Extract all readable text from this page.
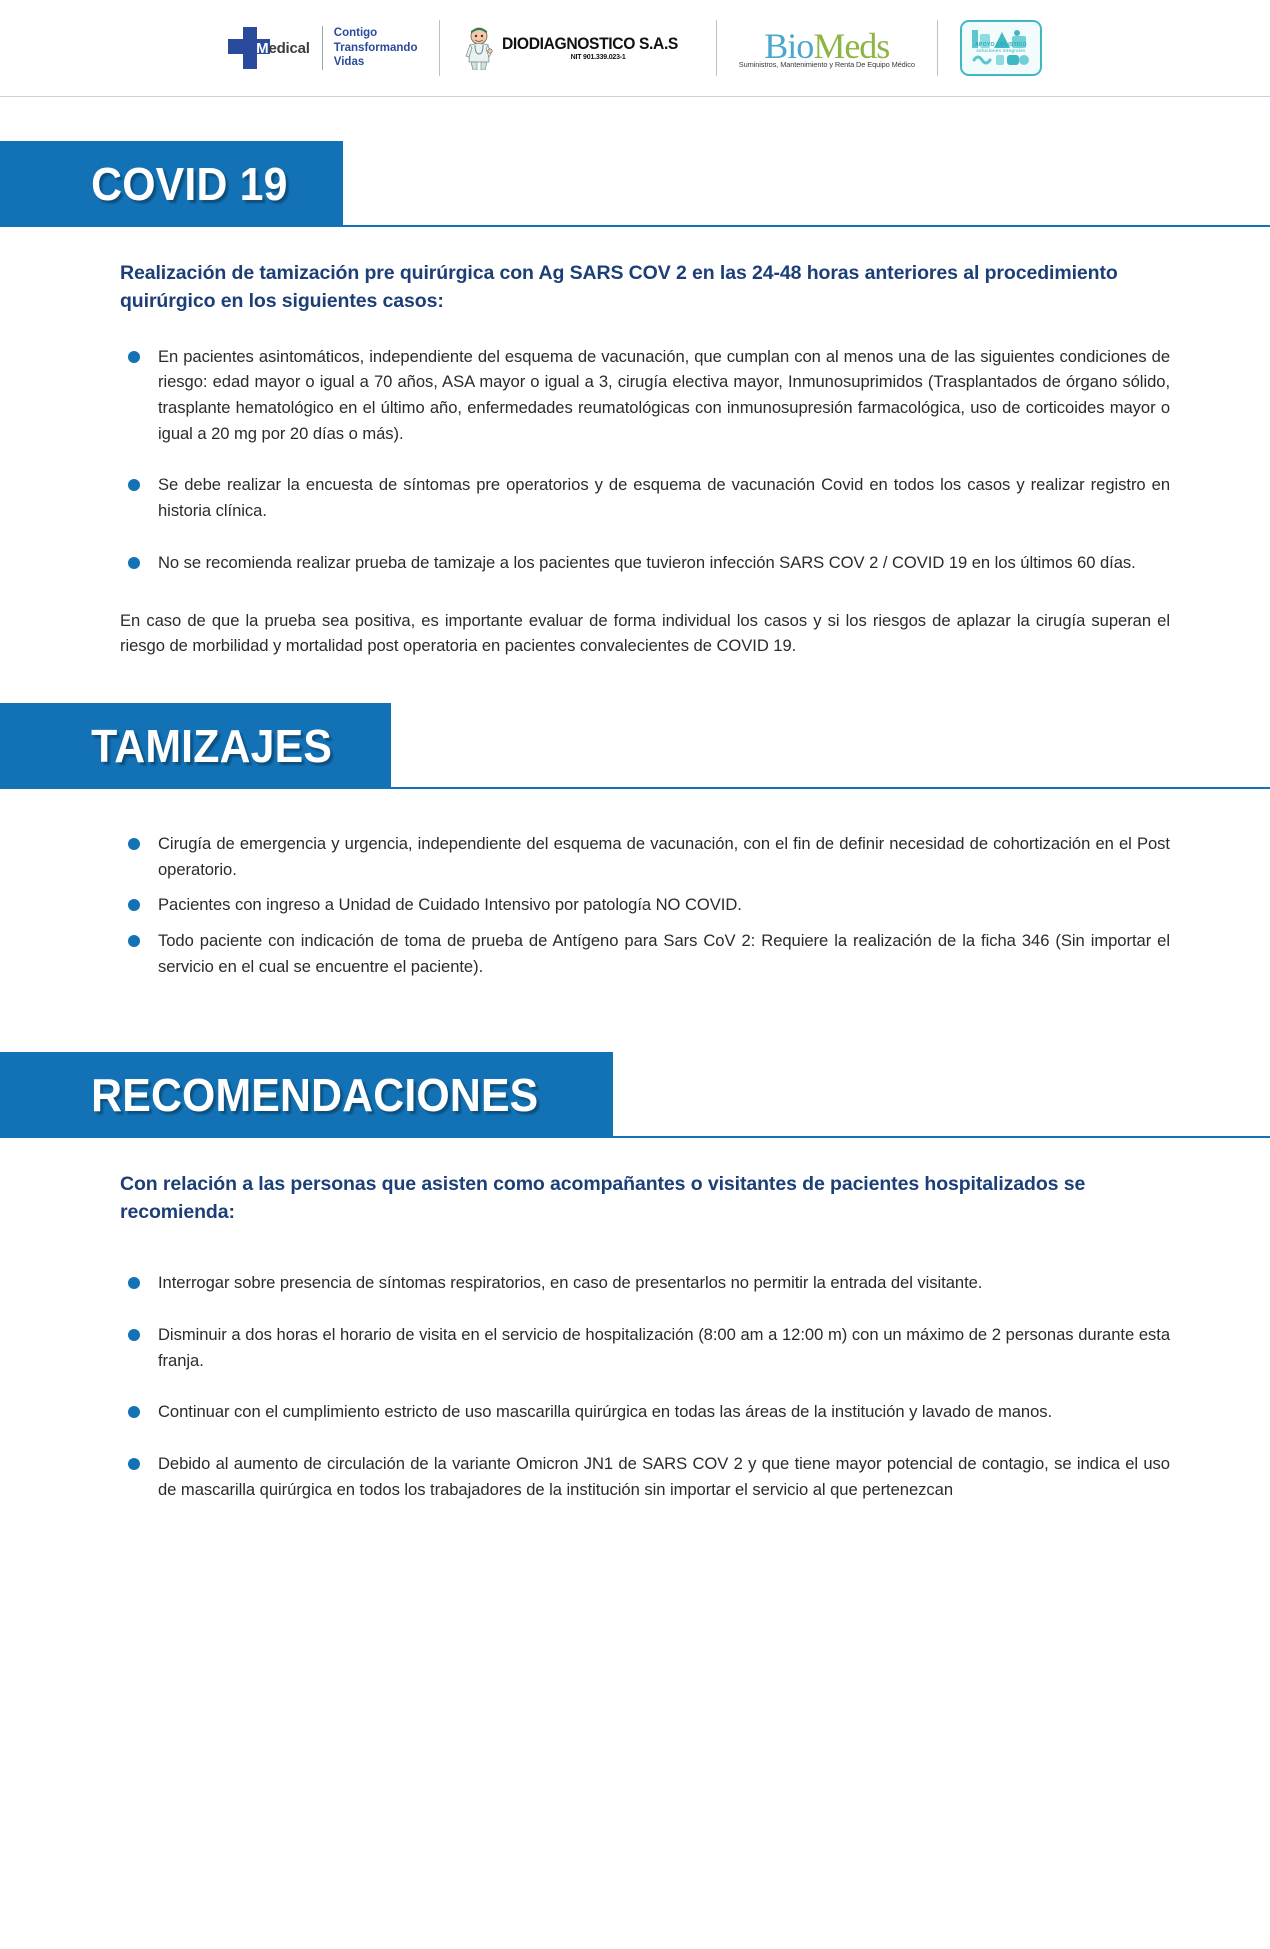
Medical
Contigo
Transformando
Vidas
DIODIAGNOSTICO S.A.S
NIT 901.339.023-1	BioMeds
Suministros, Mantenimiento y Renta De Equipo Médico
APOYO LOGISTICO
soluciones integrales
COVID 19
Realización de tamización pre quirúrgica con Ag SARS COV 2 en las 24-48 horas anteriores al procedimiento quirúrgico en los siguientes casos:
En pacientes asintomáticos, independiente del esquema de vacunación, que cumplan con al menos una de las siguientes condiciones de riesgo: edad mayor o igual a 70 años, ASA mayor o igual a 3, cirugía electiva mayor, Inmunosuprimidos (Trasplantados de órgano sólido, trasplante hematológico en el último año, enfermedades reumatológicas con inmunosupresión farmacológica, uso de corticoides mayor o igual a 20 mg por 20 días o más).
Se debe realizar la encuesta de síntomas pre operatorios y de esquema de vacunación Covid en todos los casos y realizar registro en historia clínica.
No se recomienda realizar prueba de tamizaje a los pacientes que tuvieron infección SARS COV 2 / COVID 19 en los últimos 60 días.
En caso de que la prueba sea positiva, es importante evaluar de forma individual los casos y si los riesgos de aplazar la cirugía superan el riesgo de morbilidad y mortalidad post operatoria en pacientes convalecientes de COVID 19.
TAMIZAJES
Cirugía de emergencia y urgencia, independiente del esquema de vacunación, con el fin de definir necesidad de cohortización en el Post operatorio.
Pacientes con ingreso a Unidad de Cuidado Intensivo por patología NO COVID.
Todo paciente con indicación de toma de prueba de Antígeno para Sars CoV 2: Requiere la realización de la ficha 346 (Sin importar el servicio en el cual se encuentre el paciente).
RECOMENDACIONES
Con relación a las personas que asisten como acompañantes o visitantes de pacientes hospitalizados se recomienda:
Interrogar sobre presencia de síntomas respiratorios, en caso de presentarlos no permitir la entrada del visitante.
Disminuir a dos horas el horario de visita en el servicio de hospitalización (8:00 am a 12:00 m) con un máximo de 2 personas durante esta franja.
Continuar con el cumplimiento estricto de uso mascarilla quirúrgica en todas las áreas de la institución y lavado de manos.
Debido al aumento de circulación de la variante Omicron JN1 de SARS COV 2 y que tiene mayor potencial de contagio, se indica el uso de mascarilla quirúrgica en todos los trabajadores de la institución sin importar el servicio al que pertenezcan
